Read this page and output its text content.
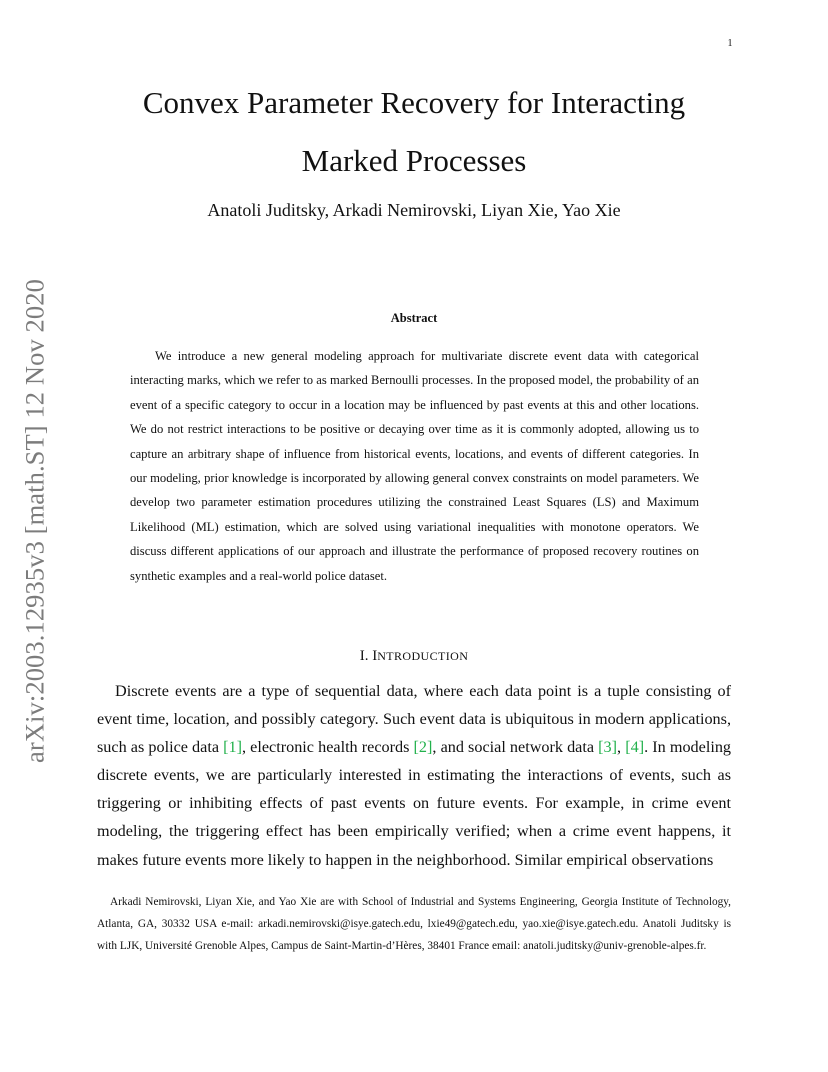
1
arXiv:2003.12935v3 [math.ST] 12 Nov 2020
Convex Parameter Recovery for Interacting
Marked Processes
Anatoli Juditsky, Arkadi Nemirovski, Liyan Xie, Yao Xie
Abstract

We introduce a new general modeling approach for multivariate discrete event data with categorical interacting marks, which we refer to as marked Bernoulli processes. In the proposed model, the probability of an event of a specific category to occur in a location may be influenced by past events at this and other locations. We do not restrict interactions to be positive or decaying over time as it is commonly adopted, allowing us to capture an arbitrary shape of influence from historical events, locations, and events of different categories. In our modeling, prior knowledge is incorporated by allowing general convex constraints on model parameters. We develop two parameter estimation procedures utilizing the constrained Least Squares (LS) and Maximum Likelihood (ML) estimation, which are solved using variational inequalities with monotone operators. We discuss different applications of our approach and illustrate the performance of proposed recovery routines on synthetic examples and a real-world police dataset.

I. INTRODUCTION

Discrete events are a type of sequential data, where each data point is a tuple consisting of event time, location, and possibly category. Such event data is ubiquitous in modern applications, such as police data [1], electronic health records [2], and social network data [3], [4]. In modeling discrete events, we are particularly interested in estimating the interactions of events, such as triggering or inhibiting effects of past events on future events. For example, in crime event modeling, the triggering effect has been empirically verified; when a crime event happens, it makes future events more likely to happen in the neighborhood. Similar empirical observations

Arkadi Nemirovski, Liyan Xie, and Yao Xie are with School of Industrial and Systems Engineering, Georgia Institute of Technology, Atlanta, GA, 30332 USA e-mail: arkadi.nemirovski@isye.gatech.edu, lxie49@gatech.edu, yao.xie@isye.gatech.edu. Anatoli Juditsky is with LJK, Université Grenoble Alpes, Campus de Saint-Martin-d’Hères, 38401 France email: anatoli.juditsky@univ-grenoble-alpes.fr.
